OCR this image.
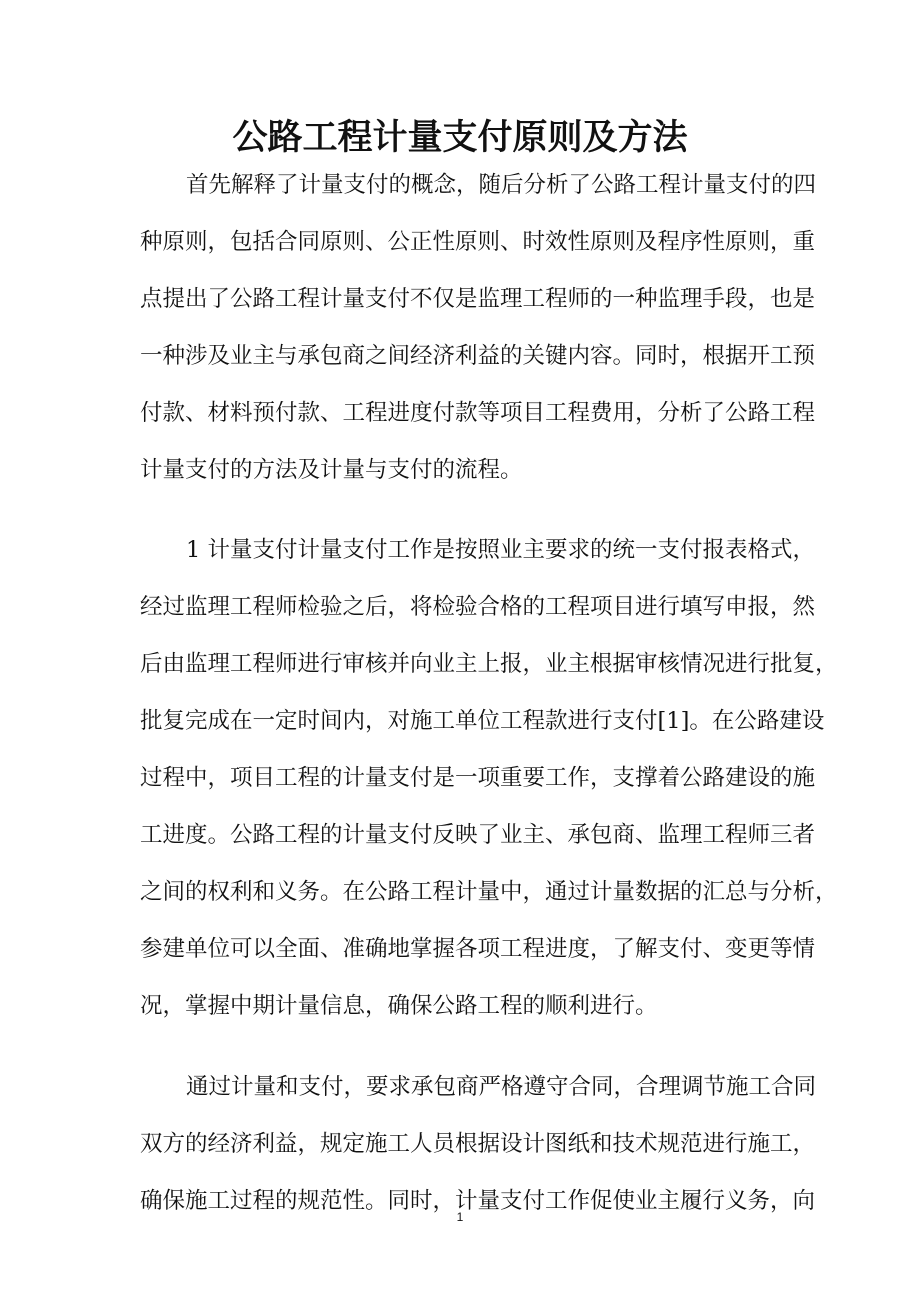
公路工程计量支付原则及方法
首先解释了计量支付的概念，随后分析了公路工程计量支付的四
种原则，包括合同原则、公正性原则、时效性原则及程序性原则，重
点提出了公路工程计量支付不仅是监理工程师的一种监理手段，也是
一种涉及业主与承包商之间经济利益的关键内容。同时，根据开工预
付款、材料预付款、工程进度付款等项目工程费用，分析了公路工程
计量支付的方法及计量与支付的流程。
1 计量支付计量支付工作是按照业主要求的统一支付报表格式，
经过监理工程师检验之后，将检验合格的工程项目进行填写申报，然
后由监理工程师进行审核并向业主上报，业主根据审核情况进行批复，
批复完成在一定时间内，对施工单位工程款进行支付[1]。在公路建设
过程中，项目工程的计量支付是一项重要工作，支撑着公路建设的施
工进度。公路工程的计量支付反映了业主、承包商、监理工程师三者
之间的权利和义务。在公路工程计量中，通过计量数据的汇总与分析，
参建单位可以全面、准确地掌握各项工程进度，了解支付、变更等情
况，掌握中期计量信息，确保公路工程的顺利进行。
通过计量和支付，要求承包商严格遵守合同，合理调节施工合同
双方的经济利益，规定施工人员根据设计图纸和技术规范进行施工，
确保施工过程的规范性。同时，计量支付工作促使业主履行义务，向
1
